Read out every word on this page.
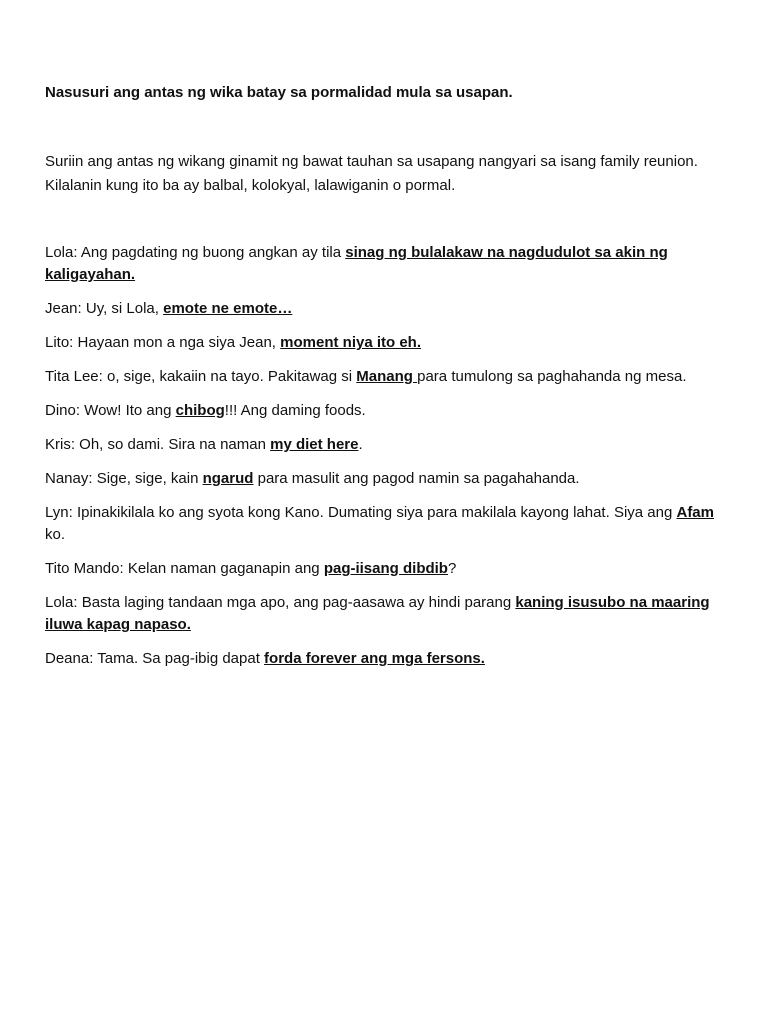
Nasusuri ang antas ng wika batay sa pormalidad mula sa usapan.

Suriin ang antas ng wikang ginamit ng bawat tauhan sa usapang nangyari sa isang family reunion. Kilalanin kung ito ba ay balbal, kolokyal, lalawiganin o pormal.

Lola: Ang pagdating ng buong angkan ay tila sinag ng bulalakaw na nagdudulot sa akin ng kaligayahan.
Jean: Uy, si Lola, emote ne emote…
Lito: Hayaan mon a nga siya Jean, moment niya ito eh.
Tita Lee: o, sige, kakaiin na tayo. Pakitawag si Manang para tumulong sa paghahanda ng mesa.
Dino: Wow! Ito ang chibog!!! Ang daming foods.
Kris: Oh, so dami. Sira na naman my diet here.
Nanay: Sige, sige, kain ngarud para masulit ang pagod namin sa pagahahanda.
Lyn: Ipinakikilala ko ang syota kong Kano. Dumating siya para makilala kayong lahat. Siya ang Afam ko.
Tito Mando: Kelan naman gaganapin ang pag-iisang dibdib?
Lola: Basta laging tandaan mga apo, ang pag-aasawa ay hindi parang kaning isusubo na maaring iluwa kapag napaso.
Deana: Tama. Sa pag-ibig dapat forda forever ang mga fersons.
